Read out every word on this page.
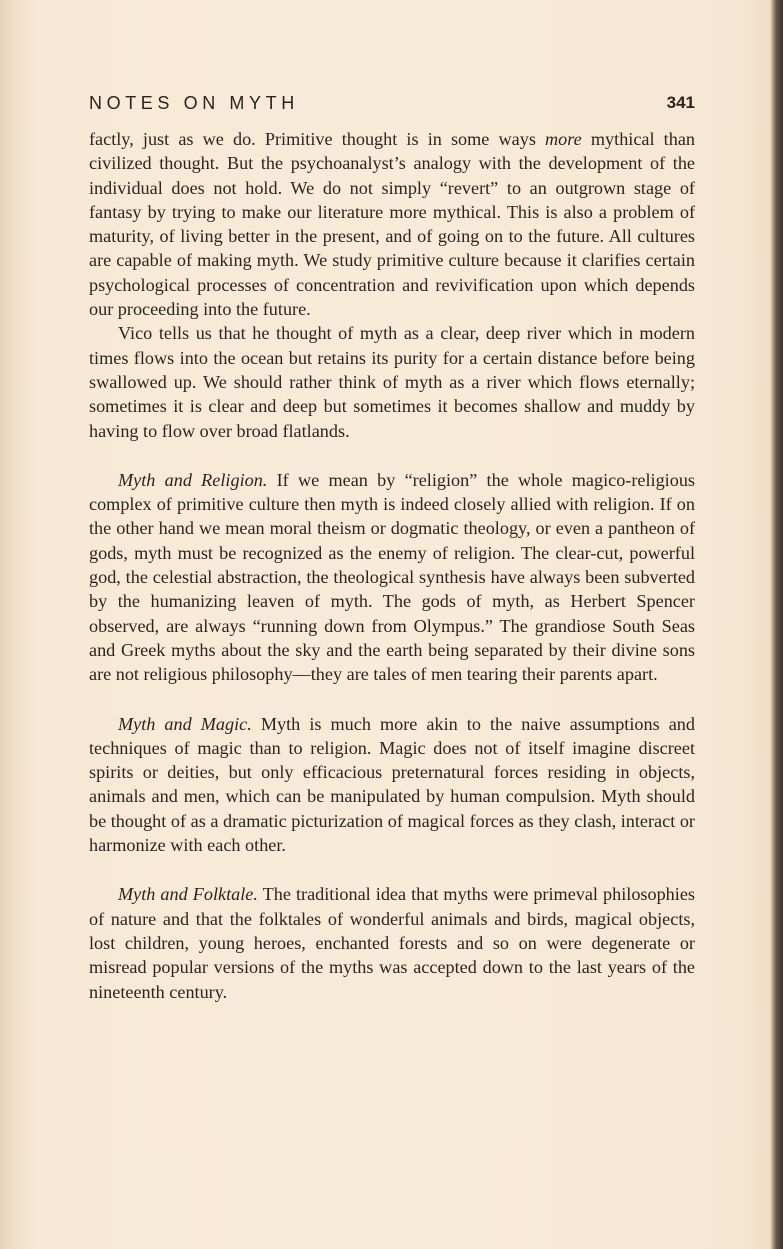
NOTES ON MYTH	341

factly, just as we do. Primitive thought is in some ways more mythical than civilized thought. But the psychoanalyst’s analogy with the development of the individual does not hold. We do not simply “revert” to an outgrown stage of fantasy by trying to make our literature more mythical. This is also a problem of maturity, of living better in the present, and of going on to the future. All cultures are capable of making myth. We study primitive culture because it clarifies certain psychological processes of concentration and revivification upon which depends our proceeding into the future.

Vico tells us that he thought of myth as a clear, deep river which in modern times flows into the ocean but retains its purity for a certain distance before being swallowed up. We should rather think of myth as a river which flows eternally; sometimes it is clear and deep but sometimes it becomes shallow and muddy by having to flow over broad flatlands.

Myth and Religion. If we mean by “religion” the whole magico-religious complex of primitive culture then myth is indeed closely allied with religion. If on the other hand we mean moral theism or dogmatic theology, or even a pantheon of gods, myth must be recognized as the enemy of religion. The clear-cut, powerful god, the celestial abstraction, the theological synthesis have always been subverted by the humanizing leaven of myth. The gods of myth, as Herbert Spencer observed, are always “running down from Olympus.” The grandiose South Seas and Greek myths about the sky and the earth being separated by their divine sons are not religious philosophy—they are tales of men tearing their parents apart.

Myth and Magic. Myth is much more akin to the naive assumptions and techniques of magic than to religion. Magic does not of itself imagine discreet spirits or deities, but only efficacious preternatural forces residing in objects, animals and men, which can be manipulated by human compulsion. Myth should be thought of as a dramatic picturization of magical forces as they clash, interact or harmonize with each other.

Myth and Folktale. The traditional idea that myths were primeval philosophies of nature and that the folktales of wonderful animals and birds, magical objects, lost children, young heroes, enchanted forests and so on were degenerate or misread popular versions of the myths was accepted down to the last years of the nineteenth century.
